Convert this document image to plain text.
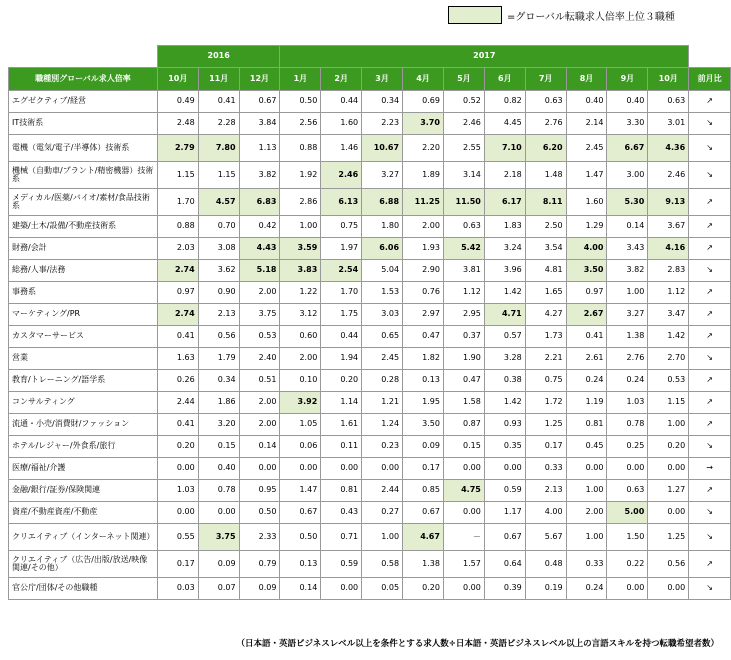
=グローバル転職求人倍率上位３職種
	2016			2017										
職種別グローバル求人倍率	10月	11月	12月	1月	2月	3月	4月	5月	6月	7月	8月	9月	10月	前月比
エグゼクティブ/経営	0.49	0.41	0.67	0.50	0.44	0.34	0.69	0.52	0.82	0.63	0.40	0.40	0.63	↗
IT技術系	2.48	2.28	3.84	2.56	1.60	2.23	3.70	2.46	4.45	2.76	2.14	3.30	3.01	↘
電機（電気/電子/半導体）技術系	2.79	7.80	1.13	0.88	1.46	10.67	2.20	2.55	7.10	6.20	2.45	6.67	4.36	↘
機械（自動車/プラント/精密機器）技術系	1.15	1.15	3.82	1.92	2.46	3.27	1.89	3.14	2.18	1.48	1.47	3.00	2.46	↘
メディカル/医薬/バイオ/素材/食品技術系	1.70	4.57	6.83	2.86	6.13	6.88	11.25	11.50	6.17	8.11	1.60	5.30	9.13	↗
建築/土木/設備/不動産技術系	0.88	0.70	0.42	1.00	0.75	1.80	2.00	0.63	1.83	2.50	1.29	0.14	3.67	↗
財務/会計	2.03	3.08	4.43	3.59	1.97	6.06	1.93	5.42	3.24	3.54	4.00	3.43	4.16	↗
総務/人事/法務	2.74	3.62	5.18	3.83	2.54	5.04	2.90	3.81	3.96	4.81	3.50	3.82	2.83	↘
事務系	0.97	0.90	2.00	1.22	1.70	1.53	0.76	1.12	1.42	1.65	0.97	1.00	1.12	↗
マーケティング/PR	2.74	2.13	3.75	3.12	1.75	3.03	2.97	2.95	4.71	4.27	2.67	3.27	3.47	↗
カスタマーサービス	0.41	0.56	0.53	0.60	0.44	0.65	0.47	0.37	0.57	1.73	0.41	1.38	1.42	↗
営業	1.63	1.79	2.40	2.00	1.94	2.45	1.82	1.90	3.28	2.21	2.61	2.76	2.70	↘
教育/トレーニング/語学系	0.26	0.34	0.51	0.10	0.20	0.28	0.13	0.47	0.38	0.75	0.24	0.24	0.53	↗
コンサルティング	2.44	1.86	2.00	3.92	1.14	1.21	1.95	1.58	1.42	1.72	1.19	1.03	1.15	↗
流通・小売/消費財/ファッション	0.41	3.20	2.00	1.05	1.61	1.24	3.50	0.87	0.93	1.25	0.81	0.78	1.00	↗
ホテル/レジャー/外食系/旅行	0.20	0.15	0.14	0.06	0.11	0.23	0.09	0.15	0.35	0.17	0.45	0.25	0.20	↘
医療/福祉/介護	0.00	0.40	0.00	0.00	0.00	0.00	0.17	0.00	0.00	0.33	0.00	0.00	0.00	→
金融/銀行/証券/保険関連	1.03	0.78	0.95	1.47	0.81	2.44	0.85	4.75	0.59	2.13	1.00	0.63	1.27	↗
資産/不動産資産/不動産	0.00	0.00	0.50	0.67	0.43	0.27	0.67	0.00	1.17	4.00	2.00	5.00	0.00	↘
クリエイティブ（インターネット関連）	0.55	3.75	2.33	0.50	0.71	1.00	4.67	－	0.67	5.67	1.00	1.50	1.25	↘
クリエイティブ（広告/出版/放送/映像関連/その他）	0.17	0.09	0.79	0.13	0.59	0.58	1.38	1.57	0.64	0.48	0.33	0.22	0.56	↗
官公庁/団体/その他職種	0.03	0.07	0.09	0.14	0.00	0.05	0.20	0.00	0.39	0.19	0.24	0.00	0.00	↘
（日本語・英語ビジネスレベル以上を条件とする求人数÷日本語・英語ビジネスレベル以上の言語スキルを持つ転職希望者数）
